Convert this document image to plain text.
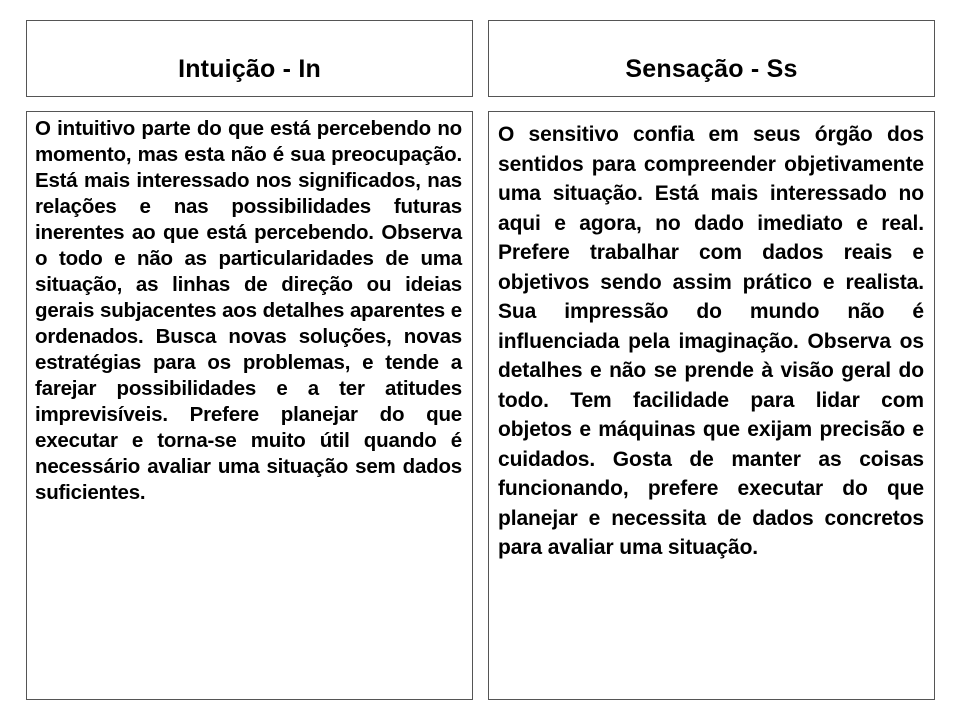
Intuição - In	Sensação - Ss

O intuitivo parte do que está percebendo no momento, mas esta não é sua preocupação. Está mais interessado nos significados, nas relações e nas possibilidades futuras inerentes ao que está percebendo. Observa o todo e não as particularidades de uma situação, as linhas de direção ou ideias gerais subjacentes aos detalhes aparentes e ordenados. Busca novas soluções, novas estratégias para os problemas, e tende a farejar possibilidades e a ter atitudes imprevisíveis. Prefere planejar do que executar e torna-se muito útil quando é necessário avaliar uma situação sem dados suficientes.

O sensitivo confia em seus órgão dos sentidos para compreender objetivamente uma situação. Está mais interessado no aqui e agora, no dado imediato e real. Prefere trabalhar com dados reais e objetivos sendo assim prático e realista. Sua impressão do mundo não é influenciada pela imaginação. Observa os detalhes e não se prende à visão geral do todo. Tem facilidade para lidar com objetos e máquinas que exijam precisão e cuidados. Gosta de manter as coisas funcionando, prefere executar do que planejar e necessita de dados concretos para avaliar uma situação.
